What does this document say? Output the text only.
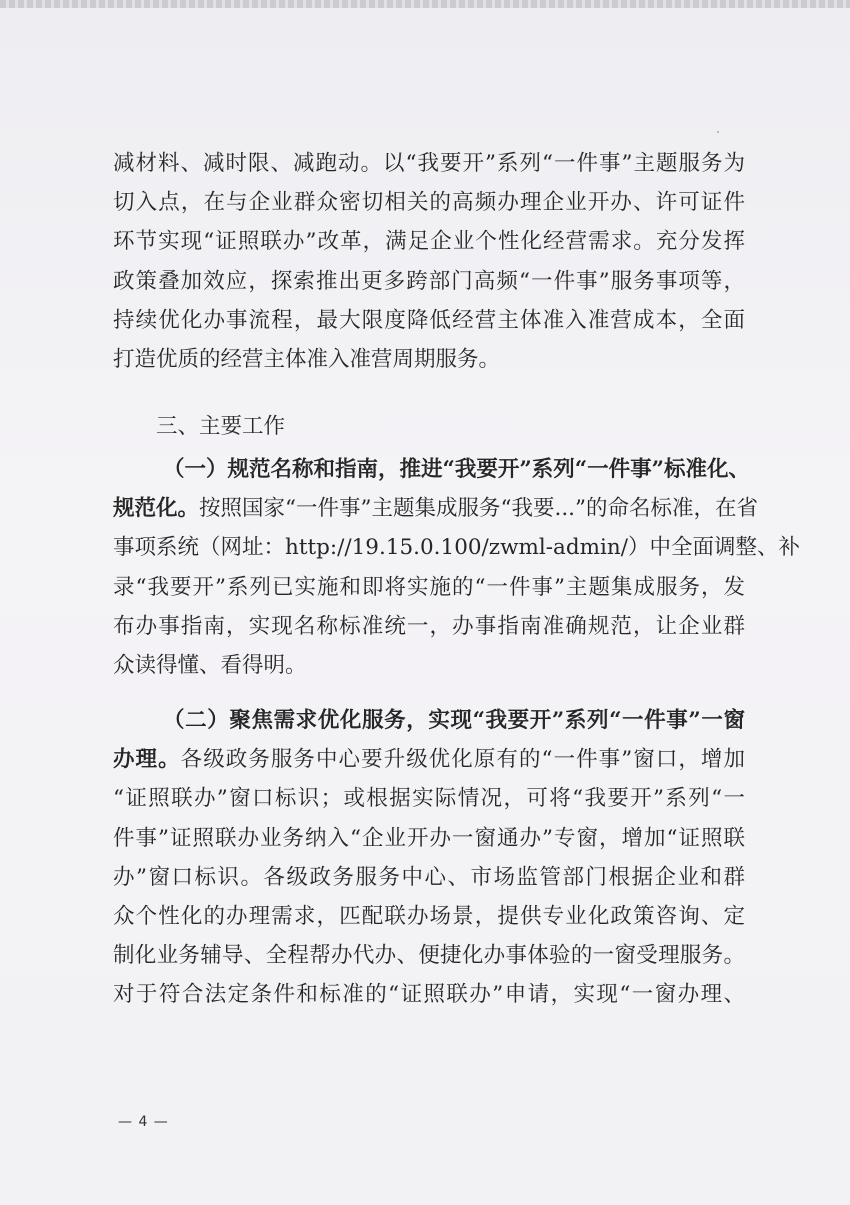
减材料、减时限、减跑动。以“我要开”系列“一件事”主题服务为
切入点，在与企业群众密切相关的高频办理企业开办、许可证件
环节实现“证照联办”改革，满足企业个性化经营需求。充分发挥
政策叠加效应，探索推出更多跨部门高频“一件事”服务事项等，
持续优化办事流程，最大限度降低经营主体准入准营成本，全面
打造优质的经营主体准入准营周期服务。
三、主要工作
（一）规范名称和指南，推进“我要开”系列“一件事”标准化、
规范化。按照国家“一件事”主题集成服务“我要...”的命名标准，在省
事项系统（网址：http://19.15.0.100/zwml-admin/）中全面调整、补
录“我要开”系列已实施和即将实施的“一件事”主题集成服务，发
布办事指南，实现名称标准统一，办事指南准确规范，让企业群
众读得懂、看得明。
（二）聚焦需求优化服务，实现“我要开”系列“一件事”一窗
办理。各级政务服务中心要升级优化原有的“一件事”窗口，增加
“证照联办”窗口标识；或根据实际情况，可将“我要开”系列“一
件事”证照联办业务纳入“企业开办一窗通办”专窗，增加“证照联
办”窗口标识。各级政务服务中心、市场监管部门根据企业和群
众个性化的办理需求，匹配联办场景，提供专业化政策咨询、定
制化业务辅导、全程帮办代办、便捷化办事体验的一窗受理服务。
对于符合法定条件和标准的“证照联办”申请，实现“一窗办理、
— 4 —
